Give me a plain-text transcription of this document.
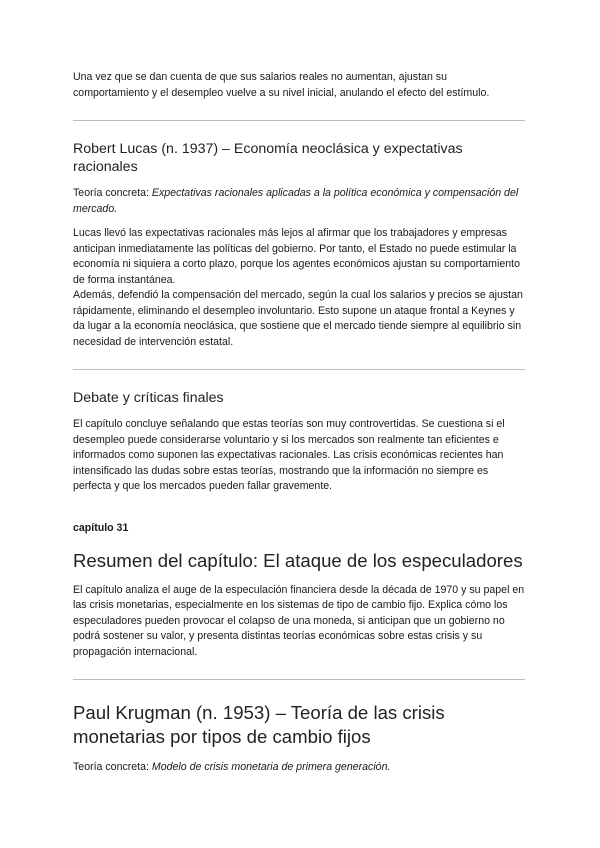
Una vez que se dan cuenta de que sus salarios reales no aumentan, ajustan su comportamiento y el desempleo vuelve a su nivel inicial, anulando el efecto del estímulo.

Robert Lucas (n. 1937) – Economía neoclásica y expectativas racionales

Teoría concreta: Expectativas racionales aplicadas a la política económica y compensación del mercado.

Lucas llevó las expectativas racionales más lejos al afirmar que los trabajadores y empresas anticipan inmediatamente las políticas del gobierno. Por tanto, el Estado no puede estimular la economía ni siquiera a corto plazo, porque los agentes económicos ajustan su comportamiento de forma instantánea.

Además, defendió la compensación del mercado, según la cual los salarios y precios se ajustan rápidamente, eliminando el desempleo involuntario. Esto supone un ataque frontal a Keynes y da lugar a la economía neoclásica, que sostiene que el mercado tiende siempre al equilibrio sin necesidad de intervención estatal.

Debate y críticas finales

El capítulo concluye señalando que estas teorías son muy controvertidas. Se cuestiona si el desempleo puede considerarse voluntario y si los mercados son realmente tan eficientes e informados como suponen las expectativas racionales. Las crisis económicas recientes han intensificado las dudas sobre estas teorías, mostrando que la información no siempre es perfecta y que los mercados pueden fallar gravemente.

capítulo 31

Resumen del capítulo: El ataque de los especuladores

El capítulo analiza el auge de la especulación financiera desde la década de 1970 y su papel en las crisis monetarias, especialmente en los sistemas de tipo de cambio fijo. Explica cómo los especuladores pueden provocar el colapso de una moneda, si anticipan que un gobierno no podrá sostener su valor, y presenta distintas teorías económicas sobre estas crisis y su propagación internacional.

Paul Krugman (n. 1953) – Teoría de las crisis monetarias por tipos de cambio fijos

Teoría concreta: Modelo de crisis monetaria de primera generación.
